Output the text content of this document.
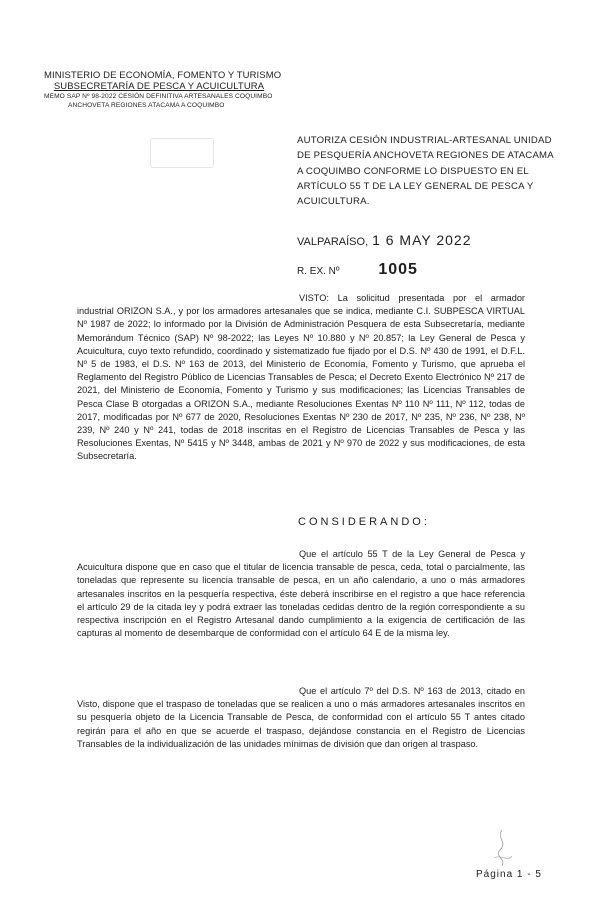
MINISTERIO DE ECONOMÍA, FOMENTO Y TURISMO
SUBSECRETARÍA DE PESCA Y ACUICULTURA
MEMO SAP Nº 98-2022 CESIÓN DEFINITIVA ARTESANALES COQUIMBO
ANCHOVETA REGIONES ATACAMA A COQUIMBO
AUTORIZA CESIÓN INDUSTRIAL-ARTESANAL UNIDAD DE PESQUERÍA ANCHOVETA REGIONES DE ATACAMA A COQUIMBO CONFORME LO DISPUESTO EN EL ARTÍCULO 55 T DE LA LEY GENERAL DE PESCA Y ACUICULTURA.
VALPARAÍSO, 1 6 MAY 2022
R. EX. Nº 1005
VISTO: La solicitud presentada por el armador industrial ORIZON S.A., y por los armadores artesanales que se indica, mediante C.I. SUBPESCA VIRTUAL Nº 1987 de 2022; lo informado por la División de Administración Pesquera de esta Subsecretaría, mediante Memorándum Técnico (SAP) Nº 98-2022; las Leyes Nº 10.880 y Nº 20.857; la Ley General de Pesca y Acuicultura, cuyo texto refundido, coordinado y sistematizado fue fijado por el D.S. Nº 430 de 1991, el D.F.L. Nº 5 de 1983, el D.S. Nº 163 de 2013, del Ministerio de Economía, Fomento y Turismo, que aprueba el Reglamento del Registro Público de Licencias Transables de Pesca; el Decreto Exento Electrónico Nº 217 de 2021, del Ministerio de Economía, Fomento y Turismo y sus modificaciones; las Licencias Transables de Pesca Clase B otorgadas a ORIZON S.A., mediante Resoluciones Exentas Nº 110 Nº 111, Nº 112, todas de 2017, modificadas por Nº 677 de 2020, Resoluciones Exentas Nº 230 de 2017, Nº 235, Nº 236, Nº 238, Nº 239, Nº 240 y Nº 241, todas de 2018 inscritas en el Registro de Licencias Transables de Pesca y las Resoluciones Exentas, Nº 5415 y Nº 3448, ambas de 2021 y Nº 970 de 2022 y sus modificaciones, de esta Subsecretaría.
CONSIDERANDO:
Que el artículo 55 T de la Ley General de Pesca y Acuicultura dispone que en caso que el titular de licencia transable de pesca, ceda, total o parcialmente, las toneladas que represente su licencia transable de pesca, en un año calendario, a uno o más armadores artesanales inscritos en la pesquería respectiva, éste deberá inscribirse en el registro a que hace referencia el artículo 29 de la citada ley y podrá extraer las toneladas cedidas dentro de la región correspondiente a su respectiva inscripción en el Registro Artesanal dando cumplimiento a la exigencia de certificación de las capturas al momento de desembarque de conformidad con el artículo 64 E de la misma ley.
Que el artículo 7º del D.S. Nº 163 de 2013, citado en Visto, dispone que el traspaso de toneladas que se realicen a uno o más armadores artesanales inscritos en su pesquería objeto de la Licencia Transable de Pesca, de conformidad con el artículo 55 T antes citado regirán para el año en que se acuerde el traspaso, dejándose constancia en el Registro de Licencias Transables de la individualización de las unidades mínimas de división que dan origen al traspaso.
Página 1 - 5
